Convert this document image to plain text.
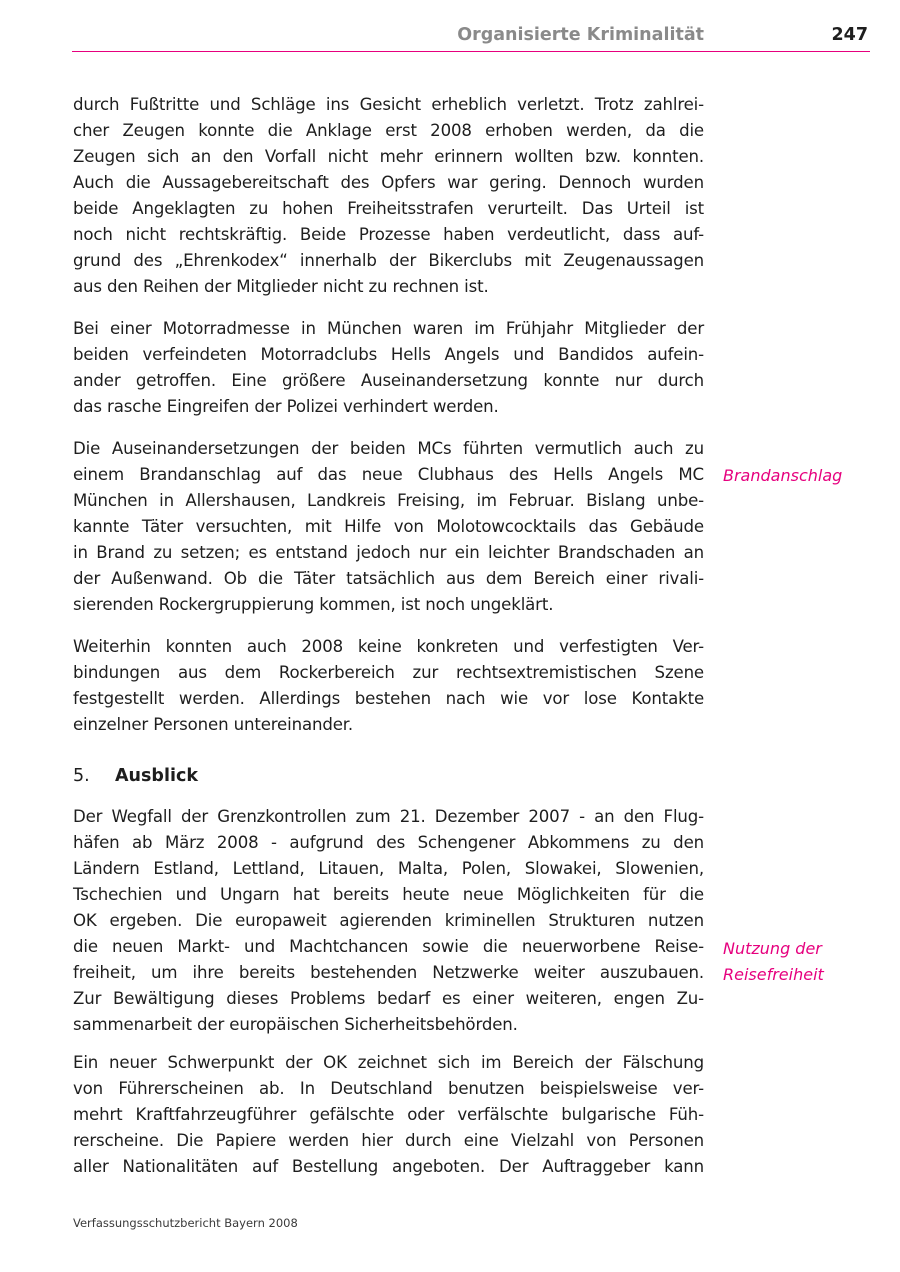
Organisierte Kriminalität	247

durch Fußtritte und Schläge ins Gesicht erheblich verletzt. Trotz zahlrei-
cher Zeugen konnte die Anklage erst 2008 erhoben werden, da die
Zeugen sich an den Vorfall nicht mehr erinnern wollten bzw. konnten.
Auch die Aussagebereitschaft des Opfers war gering. Dennoch wurden
beide Angeklagten zu hohen Freiheitsstrafen verurteilt. Das Urteil ist
noch nicht rechtskräftig. Beide Prozesse haben verdeutlicht, dass auf-
grund des „Ehrenkodex“ innerhalb der Bikerclubs mit Zeugenaussagen
aus den Reihen der Mitglieder nicht zu rechnen ist.

Bei einer Motorradmesse in München waren im Frühjahr Mitglieder der
beiden verfeindeten Motorradclubs Hells Angels und Bandidos aufein-
ander getroffen. Eine größere Auseinandersetzung konnte nur durch
das rasche Eingreifen der Polizei verhindert werden.

Die Auseinandersetzungen der beiden MCs führten vermutlich auch zu
einem Brandanschlag auf das neue Clubhaus des Hells Angels MC
München in Allershausen, Landkreis Freising, im Februar. Bislang unbe-
kannte Täter versuchten, mit Hilfe von Molotowcocktails das Gebäude
in Brand zu setzen; es entstand jedoch nur ein leichter Brandschaden an
der Außenwand. Ob die Täter tatsächlich aus dem Bereich einer rivali-
sierenden Rockergruppierung kommen, ist noch ungeklärt.

Brandanschlag

Weiterhin konnten auch 2008 keine konkreten und verfestigten Ver-
bindungen aus dem Rockerbereich zur rechtsextremistischen Szene
festgestellt werden. Allerdings bestehen nach wie vor lose Kontakte
einzelner Personen untereinander.

5. Ausblick

Der Wegfall der Grenzkontrollen zum 21. Dezember 2007 - an den Flug-
häfen ab März 2008 - aufgrund des Schengener Abkommens zu den
Ländern Estland, Lettland, Litauen, Malta, Polen, Slowakei, Slowenien,
Tschechien und Ungarn hat bereits heute neue Möglichkeiten für die
OK ergeben. Die europaweit agierenden kriminellen Strukturen nutzen
die neuen Markt- und Machtchancen sowie die neuerworbene Reise-
freiheit, um ihre bereits bestehenden Netzwerke weiter auszubauen.
Zur Bewältigung dieses Problems bedarf es einer weiteren, engen Zu-
sammenarbeit der europäischen Sicherheitsbehörden.

Nutzung der
Reisefreiheit

Ein neuer Schwerpunkt der OK zeichnet sich im Bereich der Fälschung
von Führerscheinen ab. In Deutschland benutzen beispielsweise ver-
mehrt Kraftfahrzeugführer gefälschte oder verfälschte bulgarische Füh-
rerscheine. Die Papiere werden hier durch eine Vielzahl von Personen
aller Nationalitäten auf Bestellung angeboten. Der Auftraggeber kann

Verfassungsschutzbericht Bayern 2008
